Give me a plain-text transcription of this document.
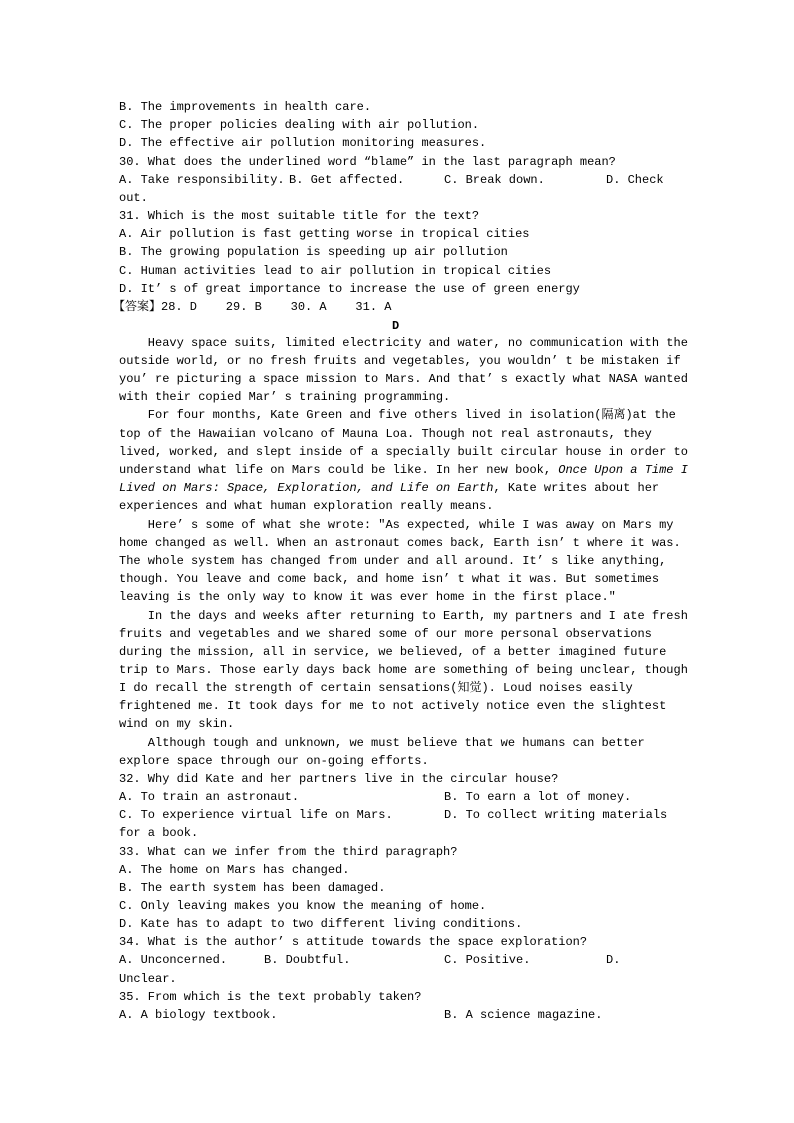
B. The improvements in health care.
C. The proper policies dealing with air pollution.
D. The effective air pollution monitoring measures.
30. What does the underlined word “blame” in the last paragraph mean?
A. Take responsibility. B. Get affected.	C. Break down.	D. Check
out.
31. Which is the most suitable title for the text?
A. Air pollution is fast getting worse in tropical cities
B. The growing population is speeding up air pollution
C. Human activities lead to air pollution in tropical cities
D. It’ s of great importance to increase the use of green energy
【答案】28. D    29. B    30. A    31. A
D
Heavy space suits, limited electricity and water, no communication with the
outside world, or no fresh fruits and vegetables, you wouldn’ t be mistaken if
you’ re picturing a space mission to Mars. And that’ s exactly what NASA wanted
with their copied Mar’ s training programming.
For four months, Kate Green and five others lived in isolation(隔离)at the
top of the Hawaiian volcano of Mauna Loa. Though not real astronauts, they
lived, worked, and slept inside of a specially built circular house in order to
understand what life on Mars could be like. In her new book, Once Upon a Time I
Lived on Mars: Space, Exploration, and Life on Earth, Kate writes about her
experiences and what human exploration really means.
Here’ s some of what she wrote: ″As expected, while I was away on Mars my
home changed as well. When an astronaut comes back, Earth isn’ t where it was.
The whole system has changed from under and all around. It’ s like anything,
though. You leave and come back, and home isn’ t what it was. But sometimes
leaving is the only way to know it was ever home in the first place.″
In the days and weeks after returning to Earth, my partners and I ate fresh
fruits and vegetables and we shared some of our more personal observations
during the mission, all in service, we believed, of a better imagined future
trip to Mars. Those early days back home are something of being unclear, though
I do recall the strength of certain sensations(知觉). Loud noises easily
frightened me. It took days for me to not actively notice even the slightest
wind on my skin.
Although tough and unknown, we must believe that we humans can better
explore space through our on-going efforts.
32. Why did Kate and her partners live in the circular house?
A. To train an astronaut.	B. To earn a lot of money.
C. To experience virtual life on Mars.	D. To collect writing materials
for a book.
33. What can we infer from the third paragraph?
A. The home on Mars has changed.
B. The earth system has been damaged.
C. Only leaving makes you know the meaning of home.
D. Kate has to adapt to two different living conditions.
34. What is the author’ s attitude towards the space exploration?
A. Unconcerned.	B. Doubtful.	C. Positive.	D.
Unclear.
35. From which is the text probably taken?
A. A biology textbook.	B. A science magazine.
